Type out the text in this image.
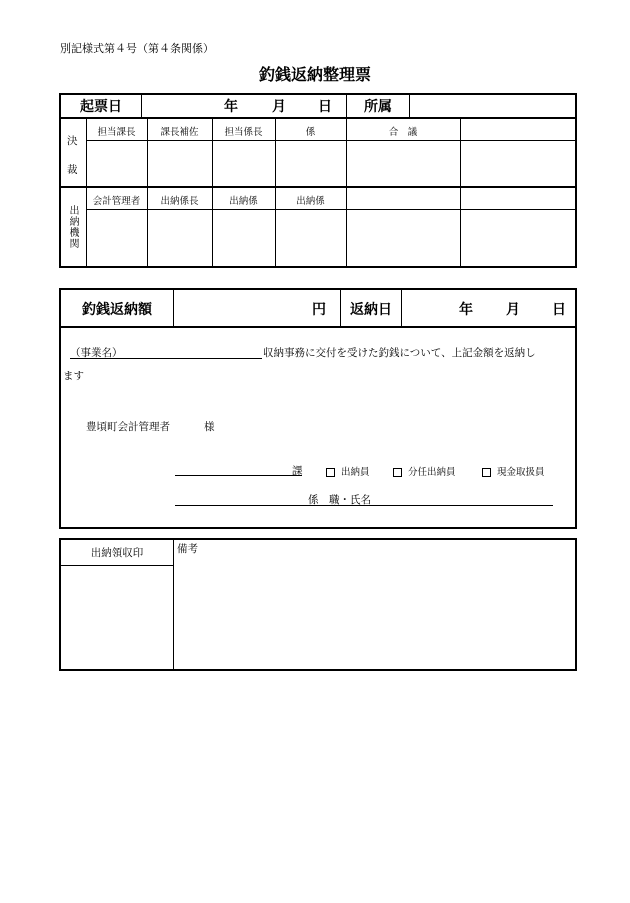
別記様式第４号（第４条関係）
釣銭返納整理票
起票日	年 月 日	所属
決
裁
担当課長	課長補佐	担当係長	係	合　議
出納機関
会計管理者	出納係長	出納係	出納係
釣銭返納額	円	返納日	年 月 日
（事業名）	収納事務に交付を受けた釣銭について、上記金額を返納し
ます
豊頃町会計管理者	様
課	出納員	分任出納員	現金取扱員
係　職・氏名
出納領収印	備考
